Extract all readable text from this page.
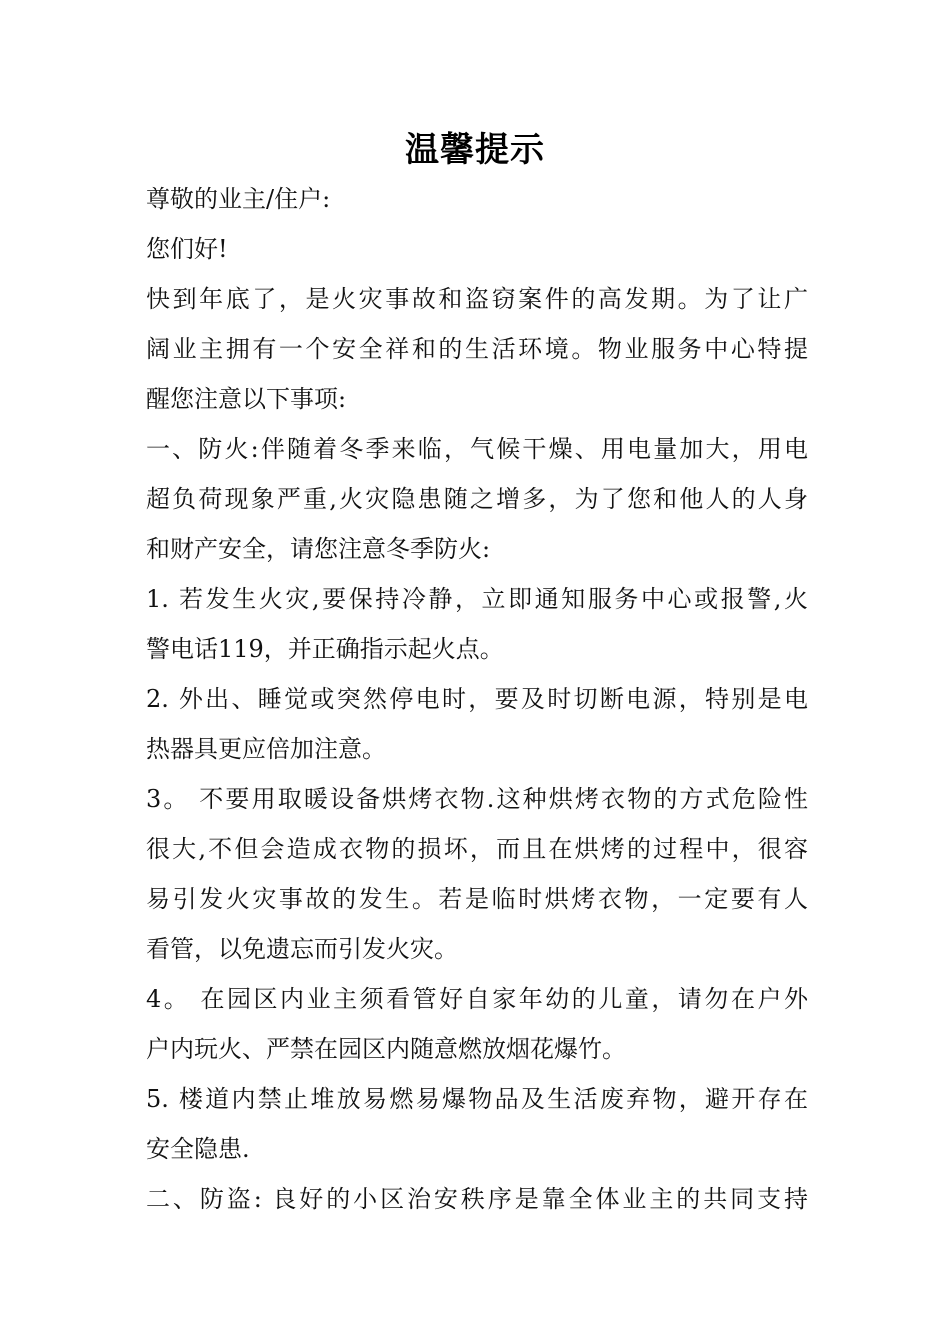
温馨提示
尊敬的业主/住户:
您们好!
快到年底了，是火灾事故和盗窃案件的高发期。为了让广
阔业主拥有一个安全祥和的生活环境。物业服务中心特提
醒您注意以下事项:
一、防火:伴随着冬季来临，气候干燥、用电量加大，用电
超负荷现象严重,火灾隐患随之增多，为了您和他人的人身
和财产安全，请您注意冬季防火:
1. 若发生火灾,要保持冷静，立即通知服务中心或报警,火
警电话119，并正确指示起火点。
2. 外出、睡觉或突然停电时，要及时切断电源，特别是电
热器具更应倍加注意。
3。 不要用取暖设备烘烤衣物.这种烘烤衣物的方式危险性
很大,不但会造成衣物的损坏，而且在烘烤的过程中，很容
易引发火灾事故的发生。若是临时烘烤衣物，一定要有人
看管，以免遗忘而引发火灾。
4。 在园区内业主须看管好自家年幼的儿童，请勿在户外
户内玩火、严禁在园区内随意燃放烟花爆竹。
5. 楼道内禁止堆放易燃易爆物品及生活废弃物，避开存在
安全隐患.
二、防盗: 良好的小区治安秩序是靠全体业主的共同支持
